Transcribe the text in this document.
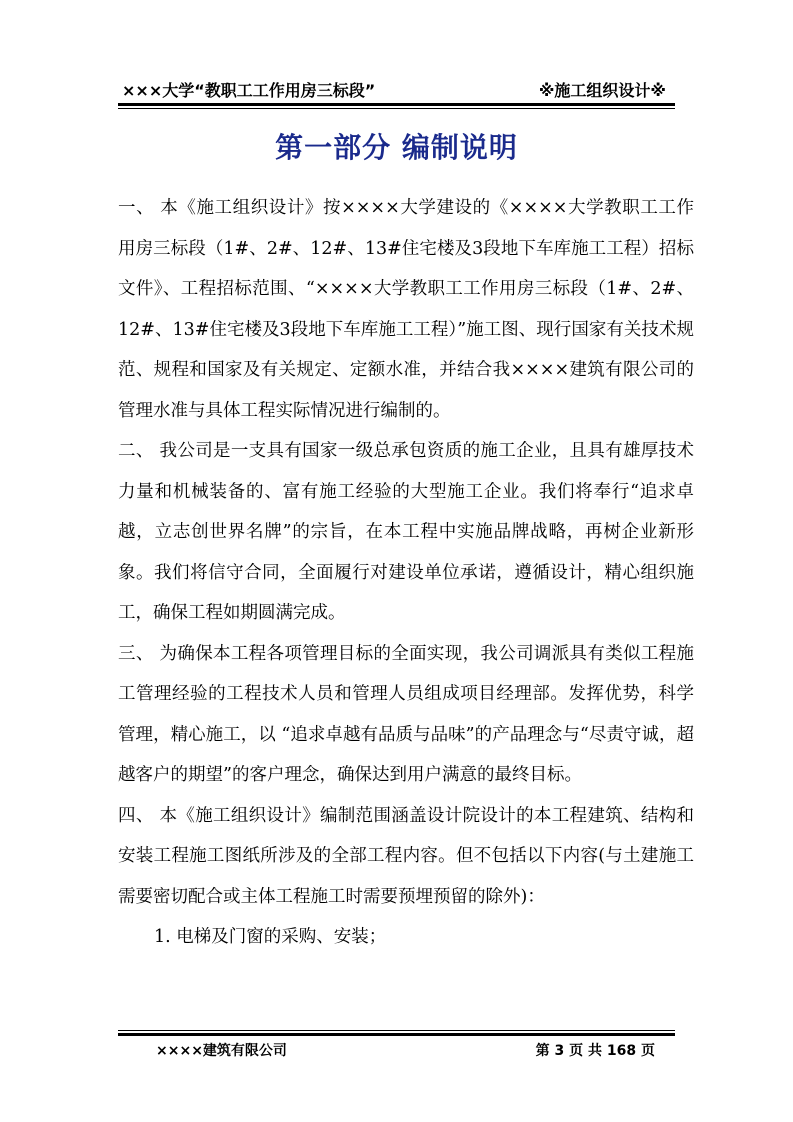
×××大学“教职工工作用房三标段”	※施工组织设计※
第一部分 编制说明

一、 本《施工组织设计》按××××大学建设的《××××大学教职工工作用房三标段（1#、2#、12#、13#住宅楼及3段地下车库施工工程）招标文件》、工程招标范围、“××××大学教职工工作用房三标段（1#、2#、12#、13#住宅楼及3段地下车库施工工程）”施工图、现行国家有关技术规范、规程和国家及有关规定、定额水准，并结合我××××建筑有限公司的管理水准与具体工程实际情况进行编制的。

二、 我公司是一支具有国家一级总承包资质的施工企业，且具有雄厚技术力量和机械装备的、富有施工经验的大型施工企业。我们将奉行“追求卓越，立志创世界名牌”的宗旨，在本工程中实施品牌战略，再树企业新形象。我们将信守合同，全面履行对建设单位承诺，遵循设计，精心组织施工，确保工程如期圆满完成。

三、 为确保本工程各项管理目标的全面实现，我公司调派具有类似工程施工管理经验的工程技术人员和管理人员组成项目经理部。发挥优势，科学管理，精心施工，以 “追求卓越有品质与品味”的产品理念与“尽责守诚，超越客户的期望”的客户理念，确保达到用户满意的最终目标。

四、 本《施工组织设计》编制范围涵盖设计院设计的本工程建筑、结构和安装工程施工图纸所涉及的全部工程内容。但不包括以下内容(与土建施工需要密切配合或主体工程施工时需要预埋预留的除外)：

1. 电梯及门窗的采购、安装；

××××建筑有限公司	第 3 页 共 168 页
